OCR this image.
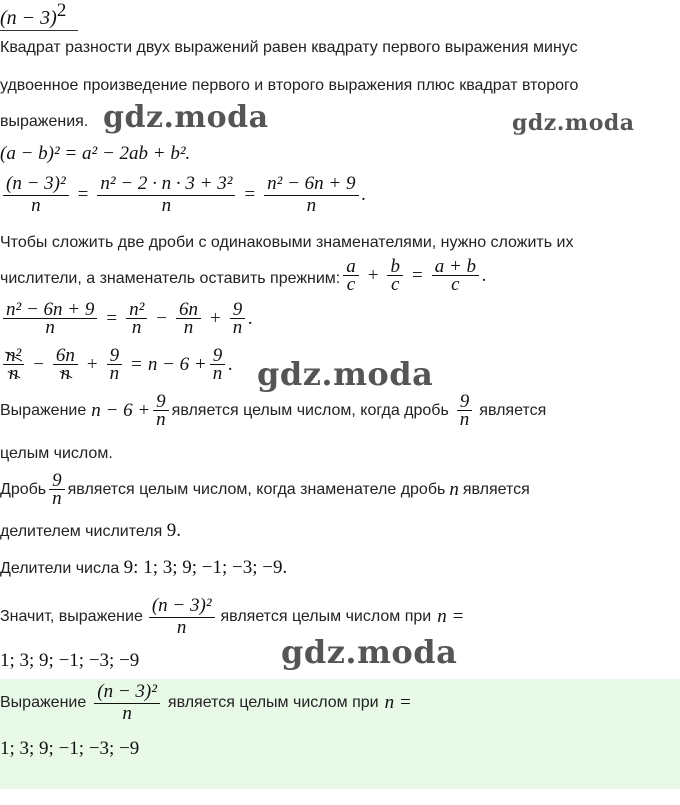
$(n - 3)^2$
Квадрат разности двух выражений равен квадрату первого выражения минус
удвоенное произведение первого и второго выражения плюс квадрат второго
выражения. gdz.moda	gdz.moda
(a − b)² = a² − 2ab + b².
$\frac{\text{(n − 3)²}}{n} = \frac{\text{n² − 2 · n · 3 + 3²}}{n} = \frac{\text{n² − 6n + 9}}{n}$ .
Чтобы сложить две дроби с одинаковыми знаменателями, нужно сложить их
числители, а знаменатель оставить прежним: $\frac{a}{c} + \frac{b}{c} = \frac{a + b}{c}$ .
$\frac{\text{n² − 6n + 9}}{n} = \frac{\text{n²}}{n} - \frac{6n}{n} + \frac{9}{n}$ .
$\frac{\text{n²}}{n} - \frac{6n}{n} + \frac{9}{n} = n - 6 + \frac{9}{n}$ . gdz.moda
Выражение $n - 6 + \frac{9}{n}$ является целым числом, когда дробь $\frac{9}{n}$ является
целым числом.
Дробь $\frac{9}{n}$ является целым числом, когда знаменателе дробь n является
делителем числителя 9.
Делители числа 9: 1; 3; 9; −1; −3; −9.
Значит, выражение $\frac{\text{(n − 3)²}}{n}$ является целым числом при n =
1; 3; 9; −1; −3; −9	gdz.moda
Выражение $\frac{\text{(n − 3)²}}{n}$ является целым числом при n =
1; 3; 9; −1; −3; −9
